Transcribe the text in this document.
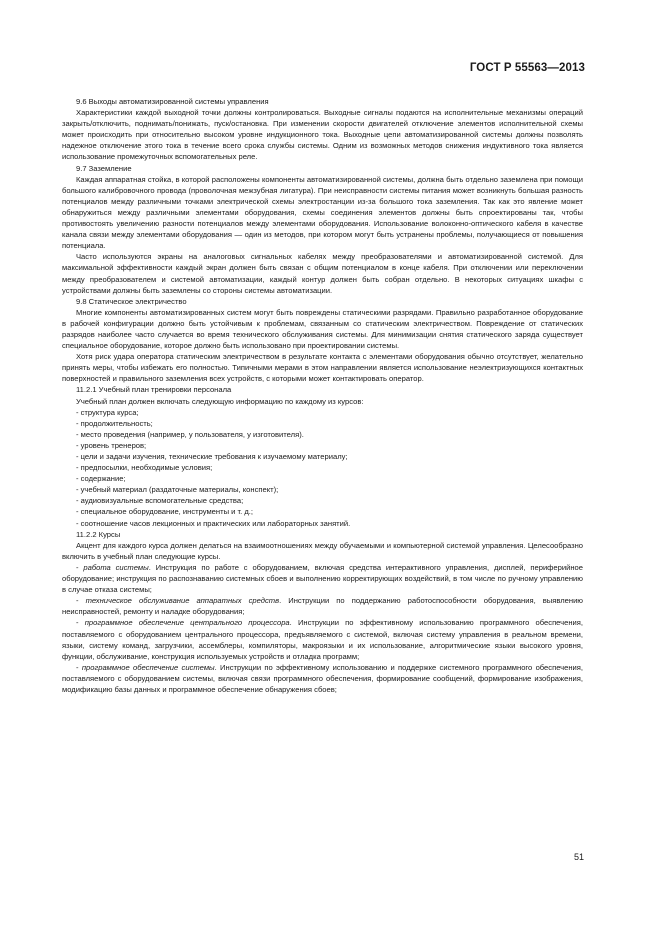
ГОСТ Р 55563—2013

9.6 Выходы автоматизированной системы управления

Характеристики каждой выходной точки должны контролироваться. Выходные сигналы подаются на исполнительные механизмы операций закрыть/отключить, поднимать/понижать, пуск/остановка. При изменении скорости двигателей отключение элементов исполнительной схемы может происходить при относительно высоком уровне индукционного тока. Выходные цепи автоматизированной системы должны позволять надежное отключение этого тока в течение всего срока службы системы. Одним из возможных методов снижения индуктивного тока является использование промежуточных вспомогательных реле.

9.7 Заземление

Каждая аппаратная стойка, в которой расположены компоненты автоматизированной системы, должна быть отдельно заземлена при помощи большого калибровочного провода (проволочная межзубная лигатура). При неисправности системы питания может возникнуть большая разность потенциалов между различными точками электрической схемы электростанции из-за большого тока заземления. Так как это явление может обнаружиться между различными элементами оборудования, схемы соединения элементов должны быть спроектированы так, чтобы противостоять увеличению разности потенциалов между элементами оборудования. Использование волоконно-оптического кабеля в качестве канала связи между элементами оборудования — один из методов, при котором могут быть устранены проблемы, получающиеся от повышения потенциала.

Часто используются экраны на аналоговых сигнальных кабелях между преобразователями и автоматизированной системой. Для максимальной эффективности каждый экран должен быть связан с общим потенциалом в конце кабеля. При отключении или переключении между преобразователем и системой автоматизации, каждый контур должен быть собран отдельно. В некоторых ситуациях шкафы с устройствами должны быть заземлены со стороны системы автоматизации.

9.8 Статическое электричество

Многие компоненты автоматизированных систем могут быть повреждены статическими разрядами. Правильно разработанное оборудование в рабочей конфигурации должно быть устойчивым к проблемам, связанным со статическим электричеством. Повреждение от статических разрядов наиболее часто случается во время технического обслуживания системы. Для минимизации снятия статического заряда существует специальное оборудование, которое должно быть использовано при проектировании системы.

Хотя риск удара оператора статическим электричеством в результате контакта с элементами оборудования обычно отсутствует, желательно принять меры, чтобы избежать его полностью. Типичными мерами в этом направлении является использование неэлектризующихся контактных поверхностей и правильного заземления всех устройств, с которыми может контактировать оператор.

11.2.1 Учебный план тренировки персонала

Учебный план должен включать следующую информацию по каждому из курсов:

- структура курса;

- продолжительность;

- место проведения (например, у пользователя, у изготовителя).

- уровень тренеров;

- цели и задачи изучения, технические требования к изучаемому материалу;

- предпосылки, необходимые условия;

- содержание;

- учебный материал (раздаточные материалы, конспект);

- аудиовизуальные вспомогательные средства;

- специальное оборудование, инструменты и т. д.;

- соотношение часов лекционных и практических или лабораторных занятий.

11.2.2 Курсы

Акцент для каждого курса должен делаться на взаимоотношениях между обучаемыми и компьютерной системой управления. Целесообразно включить в учебный план следующие курсы.

- работа системы. Инструкция по работе с оборудованием, включая средства интерактивного управления, дисплей, периферийное оборудование; инструкция по распознаванию системных сбоев и выполнению корректирующих воздействий, в том числе по ручному управлению в случае отказа системы;

- техническое обслуживание аппаратных средств. Инструкции по поддержанию работоспособности оборудования, выявлению неисправностей, ремонту и наладке оборудования;

- программное обеспечение центрального процессора. Инструкции по эффективному использованию программного обеспечения, поставляемого с оборудованием центрального процессора, предъявляемого с системой, включая систему управления в реальном времени, языки, систему команд, загрузчики, ассемблеры, компиляторы, макроязыки и их использование, алгоритмические языки высокого уровня, функции, обслуживание, конструкция используемых устройств и отладка программ;

- программное обеспечение системы. Инструкции по эффективному использованию и поддержке системного программного обеспечения, поставляемого с оборудованием системы, включая связи программного обеспечения, формирование сообщений, формирование изображения, модификацию базы данных и программное обеспечение обнаружения сбоев;

51
